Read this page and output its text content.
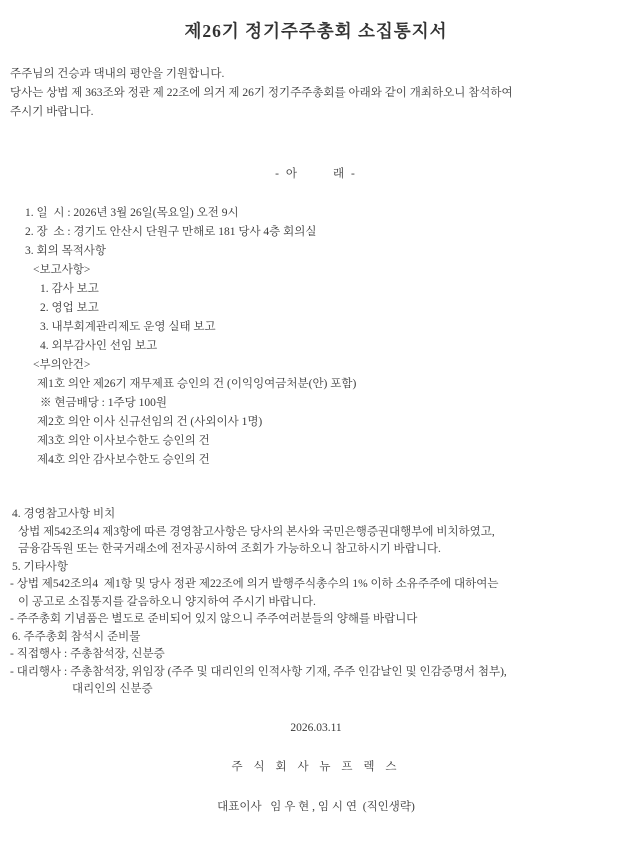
제26기 정기주주총회 소집통지서
주주님의 건승과 댁내의 평안을 기원합니다.
당사는 상법 제 363조와 정관 제 22조에 의거 제 26기 정기주주총회를 아래와 같이 개최하오니 참석하여
주시기 바랍니다.
- 아       래 -
1. 일  시 : 2026년 3월 26일(목요일) 오전 9시
2. 장  소 : 경기도 안산시 단원구 만해로 181 당사 4층 회의실
3. 회의 목적사항
<보고사항>
1. 감사 보고
2. 영업 보고
3. 내부회계관리제도 운영 실태 보고
4. 외부감사인 선임 보고
<부의안건>
제1호 의안 제26기 재무제표 승인의 건 (이익잉여금처분(안) 포함)
※ 현금배당 : 1주당 100원
제2호 의안 이사 신규선임의 건 (사외이사 1명)
제3호 의안 이사보수한도 승인의 건
제4호 의안 감사보수한도 승인의 건
4. 경영참고사항 비치
상법 제542조의4 제3항에 따른 경영참고사항은 당사의 본사와 국민은행증권대행부에 비치하였고,
금융감독원 또는 한국거래소에 전자공시하여 조회가 가능하오니 참고하시기 바랍니다.
5. 기타사항
- 상법 제542조의4  제1항 및 당사 정관 제22조에 의거 발행주식총수의 1% 이하 소유주주에 대하여는
이 공고로 소집통지를 갈음하오니 양지하여 주시기 바랍니다.
- 주주총회 기념품은 별도로 준비되어 있지 않으니 주주여러분들의 양해를 바랍니다
6. 주주총회 참석시 준비물
- 직접행사 : 주총참석장, 신분증
- 대리행사 : 주총참석장, 위임장 (주주 및 대리인의 인적사항 기재, 주주 인감날인 및 인감증명서 첨부),
대리인의 신분증
2026.03.11
주 식 회 사 뉴 프 렉 스
대표이사   임 우 현 , 임 시 연  (직인생략)
